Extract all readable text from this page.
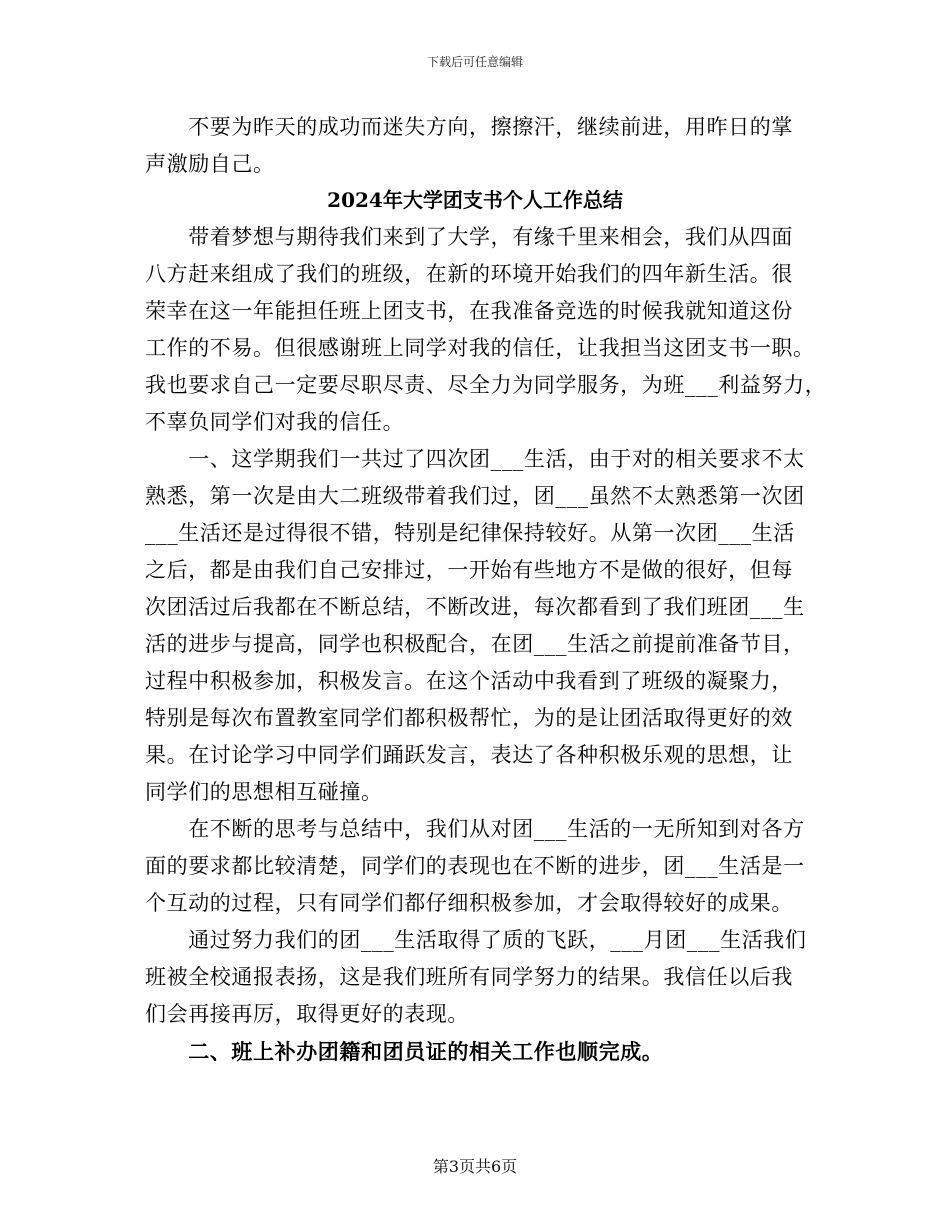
下载后可任意编辑
　　不要为昨天的成功而迷失方向，擦擦汗，继续前进，用昨日的掌
声激励自己。
2024年大学团支书个人工作总结
　　带着梦想与期待我们来到了大学，有缘千里来相会，我们从四面
八方赶来组成了我们的班级，在新的环境开始我们的四年新生活。很
荣幸在这一年能担任班上团支书，在我准备竞选的时候我就知道这份
工作的不易。但很感谢班上同学对我的信任，让我担当这团支书一职。
我也要求自己一定要尽职尽责、尽全力为同学服务，为班___利益努力，
不辜负同学们对我的信任。
　　一、这学期我们一共过了四次团___生活，由于对的相关要求不太
熟悉，第一次是由大二班级带着我们过，团___虽然不太熟悉第一次团
___生活还是过得很不错，特别是纪律保持较好。从第一次团___生活
之后，都是由我们自己安排过，一开始有些地方不是做的很好，但每
次团活过后我都在不断总结，不断改进，每次都看到了我们班团___生
活的进步与提高，同学也积极配合，在团___生活之前提前准备节目，
过程中积极参加，积极发言。在这个活动中我看到了班级的凝聚力，
特别是每次布置教室同学们都积极帮忙，为的是让团活取得更好的效
果。在讨论学习中同学们踊跃发言，表达了各种积极乐观的思想，让
同学们的思想相互碰撞。
　　在不断的思考与总结中，我们从对团___生活的一无所知到对各方
面的要求都比较清楚，同学们的表现也在不断的进步，团___生活是一
个互动的过程，只有同学们都仔细积极参加，才会取得较好的成果。
　　通过努力我们的团___生活取得了质的飞跃，___月团___生活我们
班被全校通报表扬，这是我们班所有同学努力的结果。我信任以后我
们会再接再厉，取得更好的表现。
　　二、班上补办团籍和团员证的相关工作也顺完成。
第3页共6页
